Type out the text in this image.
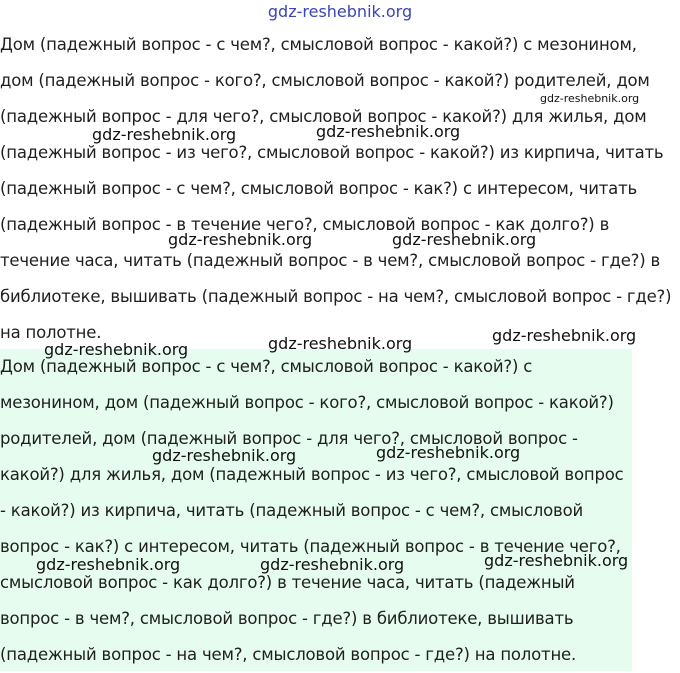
gdz-reshebnik.org
Дом (падежный вопрос - с чем?, смысловой вопрос - какой?) с мезонином,
дом (падежный вопрос - кого?, смысловой вопрос - какой?) родителей, дом
(падежный вопрос - для чего?, смысловой вопрос - какой?) для жилья, дом
(падежный вопрос - из чего?, смысловой вопрос - какой?) из кирпича, читать
(падежный вопрос - с чем?, смысловой вопрос - как?) с интересом, читать
(падежный вопрос - в течение чего?, смысловой вопрос - как долго?) в
течение часа, читать (падежный вопрос - в чем?, смысловой вопрос - где?) в
библиотеке, вышивать (падежный вопрос - на чем?, смысловой вопрос - где?)
на полотне.
Дом (падежный вопрос - с чем?, смысловой вопрос - какой?) с
мезонином, дом (падежный вопрос - кого?, смысловой вопрос - какой?)
родителей, дом (падежный вопрос - для чего?, смысловой вопрос -
какой?) для жилья, дом (падежный вопрос - из чего?, смысловой вопрос
- какой?) из кирпича, читать (падежный вопрос - с чем?, смысловой
вопрос - как?) с интересом, читать (падежный вопрос - в течение чего?,
смысловой вопрос - как долго?) в течение часа, читать (падежный
вопрос - в чем?, смысловой вопрос - где?) в библиотеке, вышивать
(падежный вопрос - на чем?, смысловой вопрос - где?) на полотне.
gdz-reshebnik.org
gdz-reshebnik.org	gdz-reshebnik.org
gdz-reshebnik.org	gdz-reshebnik.org
gdz-reshebnik.org
gdz-reshebnik.org
gdz-reshebnik.org
gdz-reshebnik.org
gdz-reshebnik.org
gdz-reshebnik.org
gdz-reshebnik.org
gdz-reshebnik.org
